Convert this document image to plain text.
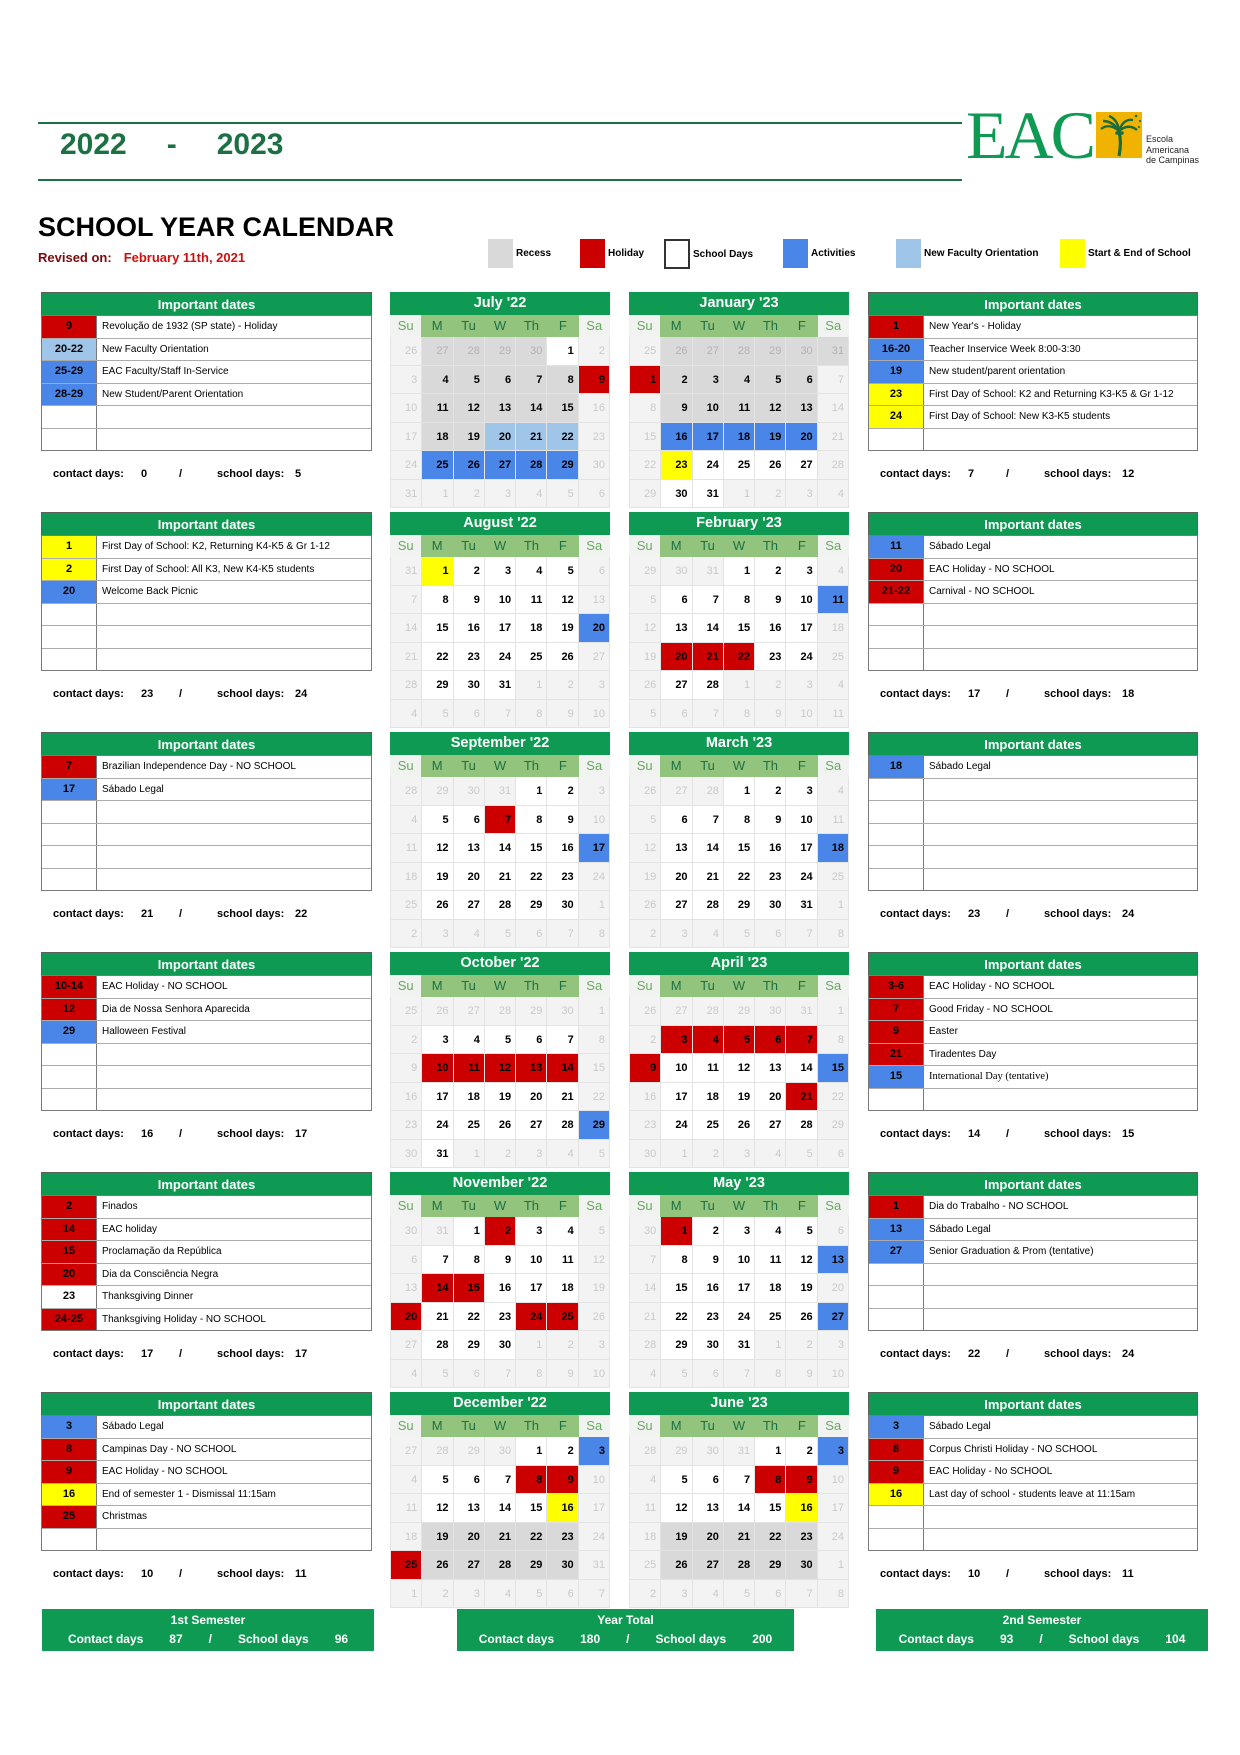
2022 - 2023	EAC	Escola
Americana
de Campinas
SCHOOL YEAR CALENDAR
Revised on: February 11th, 2021	Recess	Holiday	School Days	Activities	New Faculty Orientation	Start & End of School
Important dates
9	Revolução de 1932 (SP state) - Holiday
20-22	New Faculty Orientation
25-29	EAC Faculty/Staff In-Service
28-29	New Student/Parent Orientation
contact days:	0	/	school days: 5
July '22
Su	M	Tu	W	Th	F	Sa
26	27	28	29	30	1	2
3	4	5	6	7	8	9
10	11	12	13	14	15	16
17	18	19	20	21	22	23
24	25	26	27	28	29	30
31	1	2	3	4	5	6
January '23
Su	M	Tu	W	Th	F	Sa
25	26	27	28	29	30	31
1	2	3	4	5	6	7
8	9	10	11	12	13	14
15	16	17	18	19	20	21
22	23	24	25	26	27	28
29	30	31	1	2	3	4
Important dates
1	New Year's - Holiday
16-20	Teacher Inservice Week 8:00-3:30
19	New student/parent orientation
23	First Day of School: K2 and Returning K3-K5 & Gr 1-12
24	First Day of School: New K3-K5 students
contact days:	7	/	school days: 12
Important dates
1	First Day of School: K2, Returning K4-K5 & Gr 1-12
2	First Day of School: All K3, New K4-K5 students
20	Welcome Back Picnic
contact days:	23	/	school days: 24
August '22
Su	M	Tu	W	Th	F	Sa
31	1	2	3	4	5	6
7	8	9	10	11	12	13
14	15	16	17	18	19	20
21	22	23	24	25	26	27
28	29	30	31	1	2	3
4	5	6	7	8	9	10
February '23
Su	M	Tu	W	Th	F	Sa
29	30	31	1	2	3	4
5	6	7	8	9	10	11
12	13	14	15	16	17	18
19	20	21	22	23	24	25
26	27	28	1	2	3	4
5	6	7	8	9	10	11
Important dates
11	Sábado Legal
20	EAC Holiday - NO SCHOOL
21-22	Carnival - NO SCHOOL
contact days:	17	/	school days: 18
Important dates
7	Brazilian Independence Day - NO SCHOOL
17	Sábado Legal
contact days:	21	/	school days: 22
September '22
Su	M	Tu	W	Th	F	Sa
28	29	30	31	1	2	3
4	5	6	7	8	9	10
11	12	13	14	15	16	17
18	19	20	21	22	23	24
25	26	27	28	29	30	1
2	3	4	5	6	7	8
March '23
Su	M	Tu	W	Th	F	Sa
26	27	28	1	2	3	4
5	6	7	8	9	10	11
12	13	14	15	16	17	18
19	20	21	22	23	24	25
26	27	28	29	30	31	1
2	3	4	5	6	7	8
Important dates
18	Sábado Legal
contact days:	23	/	school days: 24
Important dates
10-14	EAC Holiday - NO SCHOOL
12	Dia de Nossa Senhora Aparecida
29	Halloween Festival
contact days:	16	/	school days: 17
October '22
Su	M	Tu	W	Th	F	Sa
25	26	27	28	29	30	1
2	3	4	5	6	7	8
9	10	11	12	13	14	15
16	17	18	19	20	21	22
23	24	25	26	27	28	29
30	31	1	2	3	4	5
April '23
Su	M	Tu	W	Th	F	Sa
26	27	28	29	30	31	1
2	3	4	5	6	7	8
9	10	11	12	13	14	15
16	17	18	19	20	21	22
23	24	25	26	27	28	29
30	1	2	3	4	5	6
Important dates
3-6	EAC Holiday - NO SCHOOL
7	Good Friday - NO SCHOOL
9	Easter
21	Tiradentes Day
15	International Day (tentative)
contact days:	14	/	school days: 15
Important dates
2	Finados
14	EAC holiday
15	Proclamação da República
20	Dia da Consciência Negra
23	Thanksgiving Dinner
24-25	Thanksgiving Holiday - NO SCHOOL
contact days:	17	/	school days: 17
November '22
Su	M	Tu	W	Th	F	Sa
30	31	1	2	3	4	5
6	7	8	9	10	11	12
13	14	15	16	17	18	19
20	21	22	23	24	25	26
27	28	29	30	1	2	3
4	5	6	7	8	9	10
May '23
Su	M	Tu	W	Th	F	Sa
30	1	2	3	4	5	6
7	8	9	10	11	12	13
14	15	16	17	18	19	20
21	22	23	24	25	26	27
28	29	30	31	1	2	3
4	5	6	7	8	9	10
Important dates
1	Dia do Trabalho - NO SCHOOL
13	Sábado Legal
27	Senior Graduation & Prom (tentative)
contact days:	22	/	school days: 24
Important dates
3	Sábado Legal
8	Campinas Day - NO SCHOOL
9	EAC Holiday - NO SCHOOL
16	End of semester 1 - Dismissal 11:15am
25	Christmas
contact days:	10	/	school days: 11
December '22
Su	M	Tu	W	Th	F	Sa
27	28	29	30	1	2	3
4	5	6	7	8	9	10
11	12	13	14	15	16	17
18	19	20	21	22	23	24
25	26	27	28	29	30	31
1	2	3	4	5	6	7
June '23
Su	M	Tu	W	Th	F	Sa
28	29	30	31	1	2	3
4	5	6	7	8	9	10
11	12	13	14	15	16	17
18	19	20	21	22	23	24
25	26	27	28	29	30	1
2	3	4	5	6	7	8
Important dates
3	Sábado Legal
8	Corpus Christi Holiday - NO SCHOOL
9	EAC Holiday - No SCHOOL
16	Last day of school - students leave at 11:15am
contact days:	10	/	school days: 11
1st Semester
Contact days 87 / School days 96
Year Total
Contact days 180 / School days 200
2nd Semester
Contact days 93 / School days 104
